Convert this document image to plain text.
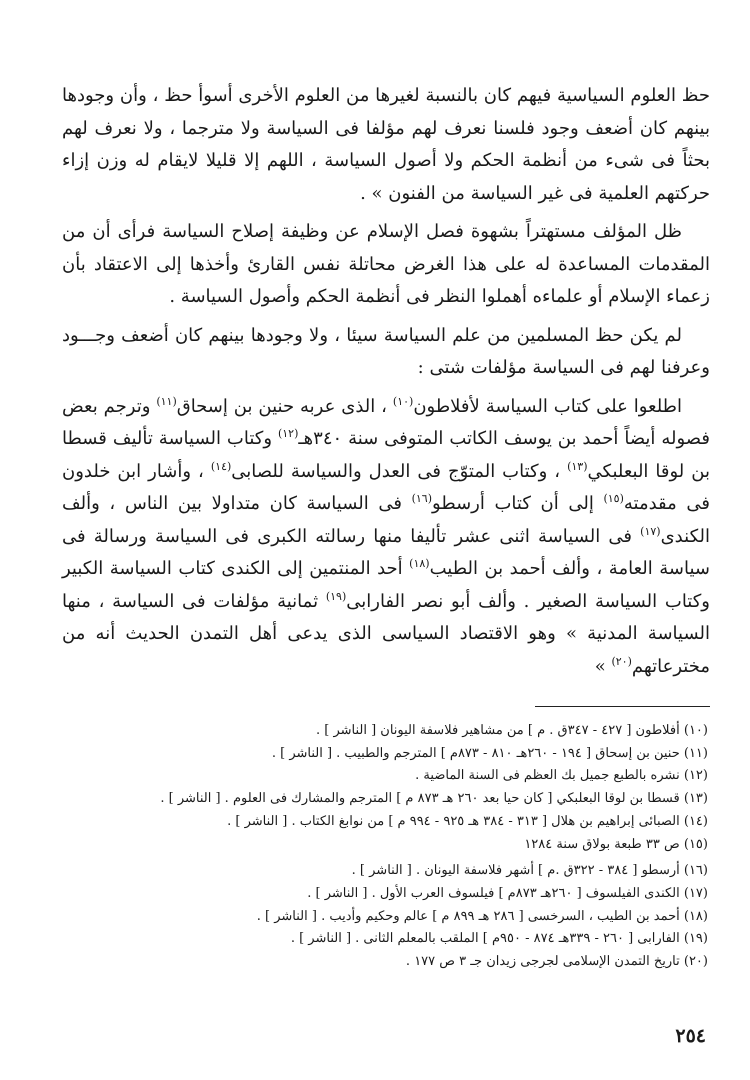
حظ العلوم السياسية فيهم كان بالنسبة لغيرها من العلوم الأخرى أسوأ حظ ، وأن وجودها بينهم كان أضعف وجود فلسنا نعرف لهم مؤلفا فى السياسة ولا مترجما ، ولا نعرف لهم بحثاً فى شىء من أنظمة الحكم ولا أصول السياسة ، اللهم إلا قليلا لايقام له وزن إزاء حركتهم العلمية فى غير السياسة من الفنون » .

ظل المؤلف مستهتراً بشهوة فصل الإسلام عن وظيفة إصلاح السياسة فرأى أن من المقدمات المساعدة له على هذا الغرض محاتلة نفس القارئ وأخذها إلى الاعتقاد بأن زعماء الإسلام أو علماءه أهملوا النظر فى أنظمة الحكم وأصول السياسة .

لم يكن حظ المسلمين من علم السياسة سيئا ، ولا وجودها بينهم كان أضعف وجـــود وعرفنا لهم فى السياسة مؤلفات شتى :

اطلعوا على كتاب السياسة لأفلاطون$^{(١٠)}$ ، الذى عربه حنين بن إسحاق$^{(١١)}$ وترجم بعض فصوله أيضاً أحمد بن يوسف الكاتب المتوفى سنة ٣٤٠هـ$^{(١٢)}$ وكتاب السياسة تأليف قسطا بن لوقا البعلبكي$^{(١٣)}$ ، وكتاب المتوّج فى العدل والسياسة للصابى$^{(١٤)}$ ، وأشار ابن خلدون فى مقدمته$^{(١٥)}$ إلى أن كتاب أرسطو$^{(١٦)}$ فى السياسة كان متداولا بين الناس ، وألف الكندى$^{(١٧)}$ فى السياسة اثنى عشر تأليفا منها رسالته الكبرى فى السياسة ورسالة فى سياسة العامة ، وألف أحمد بن الطيب$^{(١٨)}$ أحد المنتمين إلى الكندى كتاب السياسة الكبير وكتاب السياسة الصغير . وألف أبو نصر الفارابى$^{(١٩)}$ ثمانية مؤلفات فى السياسة ، منها السياسة المدنية » وهو الاقتصاد السياسى الذى يدعى أهل التمدن الحديث أنه من مخترعاتهم$^{(٢٠)}$ »

(١٠) أفلاطون [ ٤٢٧ - ٣٤٧ق . م ] من مشاهير فلاسفة اليونان [ الناشر ] .
(١١) حنين بن إسحاق [ ١٩٤ - ٢٦٠هـ ٨١٠ - ٨٧٣م ] المترجم والطبيب . [ الناشر ] .
(١٢) نشره بالطبع جميل بك العظم فى السنة الماضية .
(١٣) قسطا بن لوقا البعلبكي [ كان حيا بعد ٢٦٠ هـ ٨٧٣ م ] المترجم والمشارك فى العلوم . [ الناشر ] .
(١٤) الصبائى إبراهيم بن هلال [ ٣١٣ - ٣٨٤ هـ ٩٢٥ - ٩٩٤ م ] من نوابغ الكتاب . [ الناشر ] .
(١٥) ص ٣٣ طبعة بولاق سنة ١٢٨٤
(١٦) أرسطو [ ٣٨٤ - ٣٢٢ق .م ] أشهر فلاسفة اليونان . [ الناشر ] .
(١٧) الكندى الفيلسوف [ ٢٦٠هـ ٨٧٣م ] فيلسوف العرب الأول . [ الناشر ] .
(١٨) أحمد بن الطيب ، السرخسى [ ٢٨٦ هـ ٨٩٩ م ] عالم وحكيم وأديب . [ الناشر ] .
(١٩) الفارابى [ ٢٦٠ - ٣٣٩هـ ٨٧٤ - ٩٥٠م ] الملقب بالمعلم الثانى . [ الناشر ] .
(٢٠) تاريخ التمدن الإسلامى لجرجى زيدان جـ ٣ ص ١٧٧ .
٢٥٤
